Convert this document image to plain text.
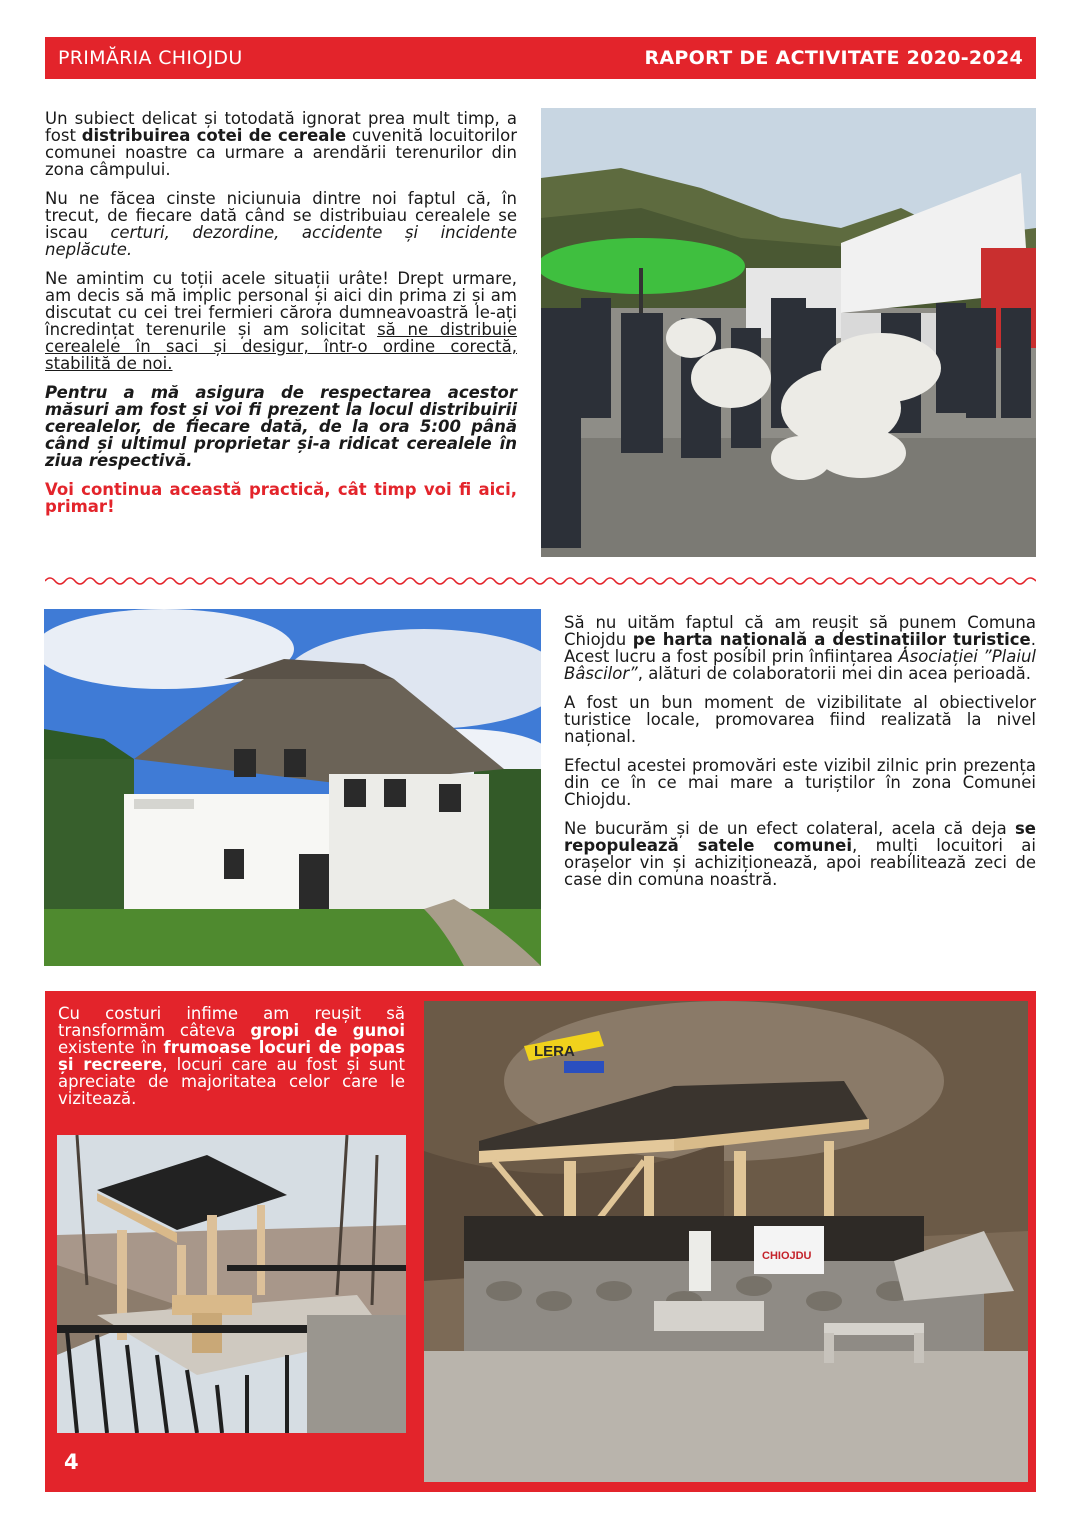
PRIMĂRIA CHIOJDU	RAPORT DE ACTIVITATE 2020-2024

Un subiect delicat și totodată ignorat prea mult timp, a fost distribuirea cotei de cereale cuvenită locuitorilor comunei noastre ca urmare a arendării terenurilor din zona câmpului.

Nu ne făcea cinste niciunuia dintre noi faptul că, în trecut, de fiecare dată când se distribuiau cerealele se iscau certuri, dezordine, accidente și incidente neplăcute.

Ne amintim cu toții acele situații urâte! Drept urmare, am decis să mă implic personal și aici din prima zi și am discutat cu cei trei fermieri cărora dumneavoastră le-ați încredințat terenurile și am solicitat să ne distribuie cerealele în saci și desigur, într-o ordine corectă, stabilită de noi.

Pentru a mă asigura de respectarea acestor măsuri am fost și voi fi prezent la locul distribuirii cerealelor, de fiecare dată, de la ora 5:00 până când și ultimul proprietar și-a ridicat cerealele în ziua respectivă.

Voi continua această practică, cât timp voi fi aici, primar!

Să nu uităm faptul că am reușit să punem Comuna Chiojdu pe harta națională a destinațiilor turistice. Acest lucru a fost posibil prin înființarea Asociației ”Plaiul Bâscilor”, alături de colaboratorii mei din acea perioadă.

A fost un bun moment de vizibilitate al obiectivelor turistice locale, promovarea fiind realizată la nivel național.

Efectul acestei promovări este vizibil zilnic prin prezența din ce în ce mai mare a turiștilor în zona Comunei Chiojdu.

Ne bucurăm și de un efect colateral, acela că deja se repopulează satele comunei, mulți locuitori ai orașelor vin și achiziționează, apoi reabilitează zeci de case din comuna noastră.

Cu costuri infime am reușit să transformăm câteva gropi de gunoi existente în frumoase locuri de popas și recreere, locuri care au fost și sunt apreciate de majoritatea celor care le vizitează.

LERA
CHIOJDU
4
